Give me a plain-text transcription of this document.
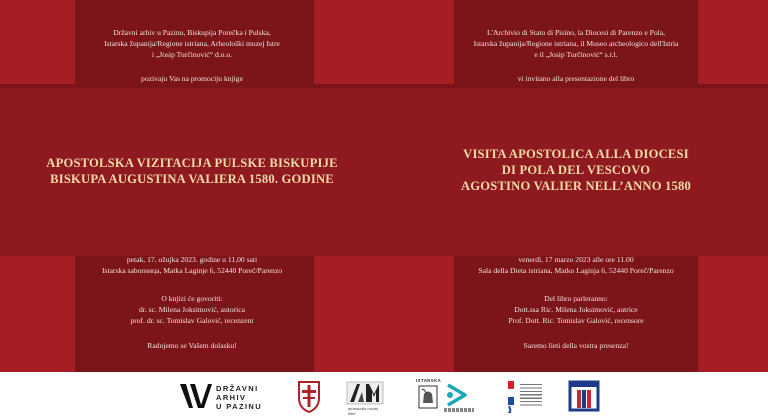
Državni arhiv u Pazinu, Biskupija Porečka i Pulska,
Istarska županija/Regione istriana, Arheološki muzej Istre
i „Josip Turčinović“ d.o.o.
pozivaju Vas na promociju knjige
APOSTOLSKA VIZITACIJA PULSKE BISKUPIJE
BISKUPA AUGUSTINA VALIERA 1580. GODINE
petak, 17. ožujka 2023. godine u 11,00 sati
Istarska saborница, Matka Laginje 6, 52440 Poreč/Parenzo
O knjizi će govoriti:
dr. sc. Milena Joksimović, autorica
prof. dr. sc. Tomislav Galović, recenzent
Radujemo se Vašem dolasku!
L'Archivio di Stato di Pisino, la Diocesi di Parenzo e Pola,
Istarska županija/Regione istriana, il Museo archeologico dell'Istria
e il „Josip Turčinović“ s.r.l.
vi invitano alla presentazione del libro
VISITA APOSTOLICA ALLA DIOCESI
DI POLA DEL VESCOVO
AGOSTINO VALIER NELL’ANNO 1580
venerdì, 17 marzo 2023 alle ore 11.00
Sala della Dieta istriana, Matko Laginja 6, 52440 Poreč/Parenzo
Del libro parleranno:
Dott.ssa Ric. Milena Joksimović, autrice
Prof. Dott. Ric. Tomislav Galović, recensore
Saremo lieti della vostra presenza!
DRŽAVNI
ARHIV
U PAZINU	arheološki muzej istre
ISTARSKA
